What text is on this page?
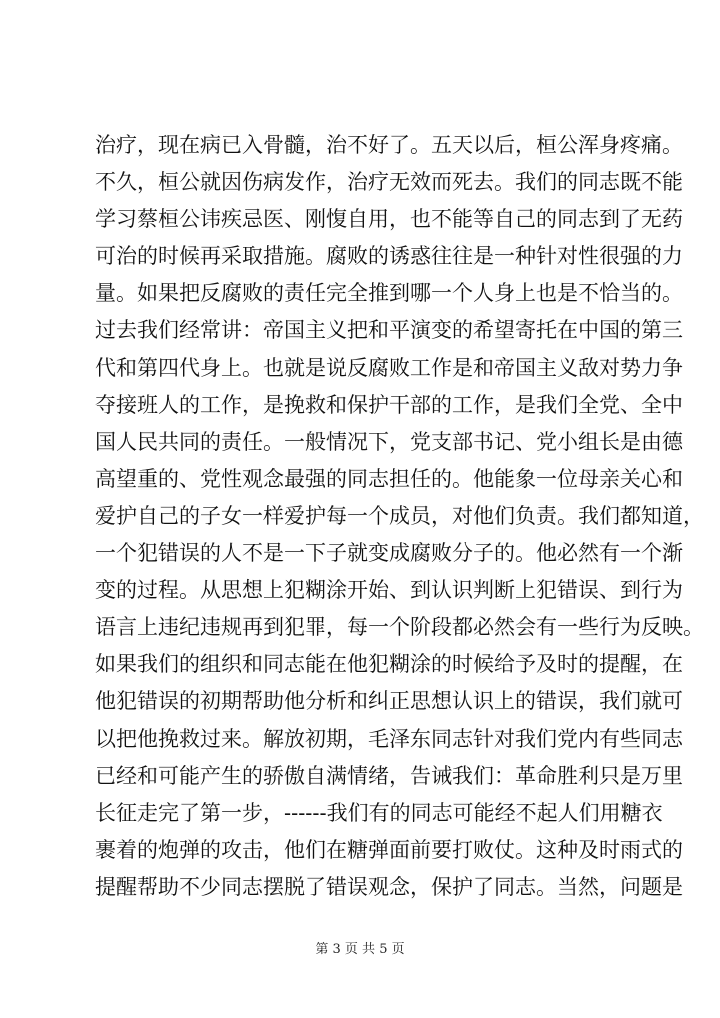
治疗，现在病已入骨髓，治不好了。五天以后，桓公浑身疼痛。
不久，桓公就因伤病发作，治疗无效而死去。我们的同志既不能
学习蔡桓公讳疾忌医、刚愎自用，也不能等自己的同志到了无药
可治的时候再采取措施。腐败的诱惑往往是一种针对性很强的力
量。如果把反腐败的责任完全推到哪一个人身上也是不恰当的。
过去我们经常讲：帝国主义把和平演变的希望寄托在中国的第三
代和第四代身上。也就是说反腐败工作是和帝国主义敌对势力争
夺接班人的工作，是挽救和保护干部的工作，是我们全党、全中
国人民共同的责任。一般情况下，党支部书记、党小组长是由德
高望重的、党性观念最强的同志担任的。他能象一位母亲关心和
爱护自己的子女一样爱护每一个成员，对他们负责。我们都知道，
一个犯错误的人不是一下子就变成腐败分子的。他必然有一个渐
变的过程。从思想上犯糊涂开始、到认识判断上犯错误、到行为
语言上违纪违规再到犯罪，每一个阶段都必然会有一些行为反映。
如果我们的组织和同志能在他犯糊涂的时候给予及时的提醒，在
他犯错误的初期帮助他分析和纠正思想认识上的错误，我们就可
以把他挽救过来。解放初期，毛泽东同志针对我们党内有些同志
已经和可能产生的骄傲自满情绪，告诫我们：革命胜利只是万里
长征走完了第一步，------我们有的同志可能经不起人们用糖衣
裹着的炮弹的攻击，他们在糖弹面前要打败仗。这种及时雨式的
提醒帮助不少同志摆脱了错误观念，保护了同志。当然，问题是
第 3 页 共 5 页
